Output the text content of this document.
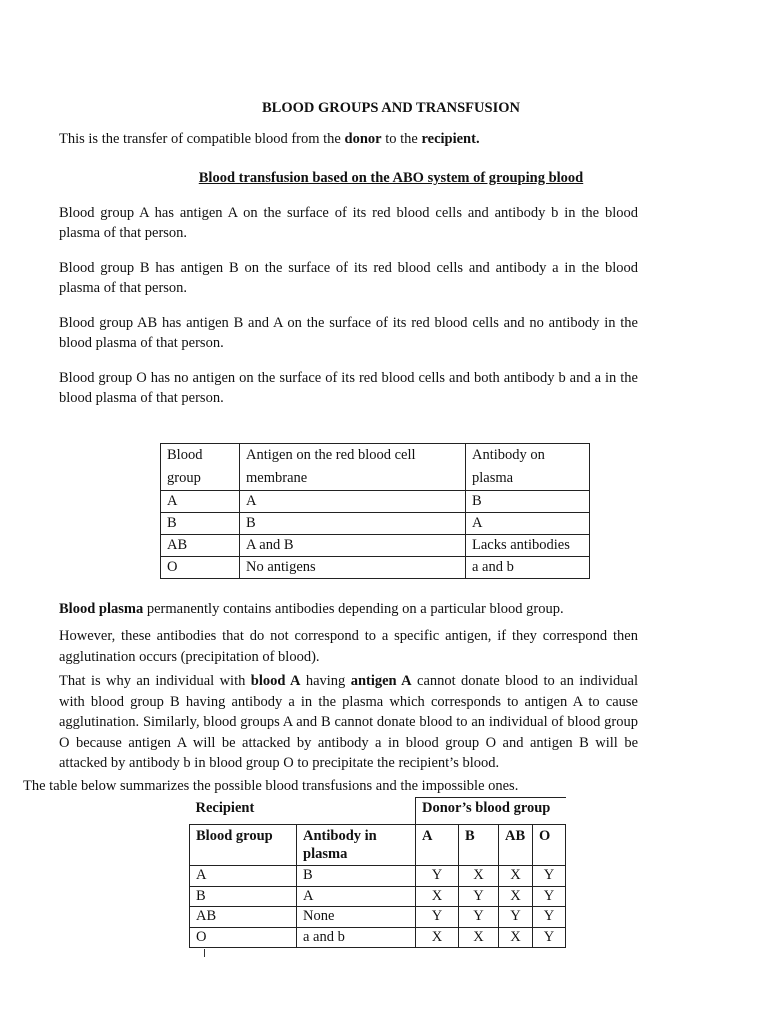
BLOOD GROUPS AND TRANSFUSION
This is the transfer of compatible blood from the donor to the recipient.
Blood transfusion based on the ABO system of grouping blood
Blood group A has antigen A on the surface of its red blood cells and antibody b in the blood plasma of that person.
Blood group B has antigen B on the surface of its red blood cells and antibody a in the blood plasma of that person.
Blood group AB has antigen B and A on the surface of its red blood cells and no antibody in the blood plasma of that person.
Blood group O has no antigen on the surface of its red blood cells and both antibody b and a in the blood plasma of that person.
Blood group	Antigen on the red blood cell membrane	Antibody on plasma
A	A	B
B	B	A
AB	A and B	Lacks antibodies
O	No antigens	a and b
Blood plasma permanently contains antibodies depending on a particular blood group.
However, these antibodies that do not correspond to a specific antigen, if they correspond then agglutination occurs (precipitation of blood).
That is why an individual with blood A having antigen A cannot donate blood to an individual with blood group B having antibody a in the plasma which corresponds to antigen A to cause agglutination. Similarly, blood groups A and B cannot donate blood to an individual of blood group O because antigen A will be attacked by antibody a in blood group O and antigen B will be attacked by antibody b in blood group O to precipitate the recipient’s blood.
The table below summarizes the possible blood transfusions and the impossible ones.
Recipient		Donor’s blood group			
Blood group	Antibody in plasma	A	B	AB	O
A	B	Y	X	X	Y
B	A	X	Y	X	Y
AB	None	Y	Y	Y	Y
O	a and b	X	X	X	Y
